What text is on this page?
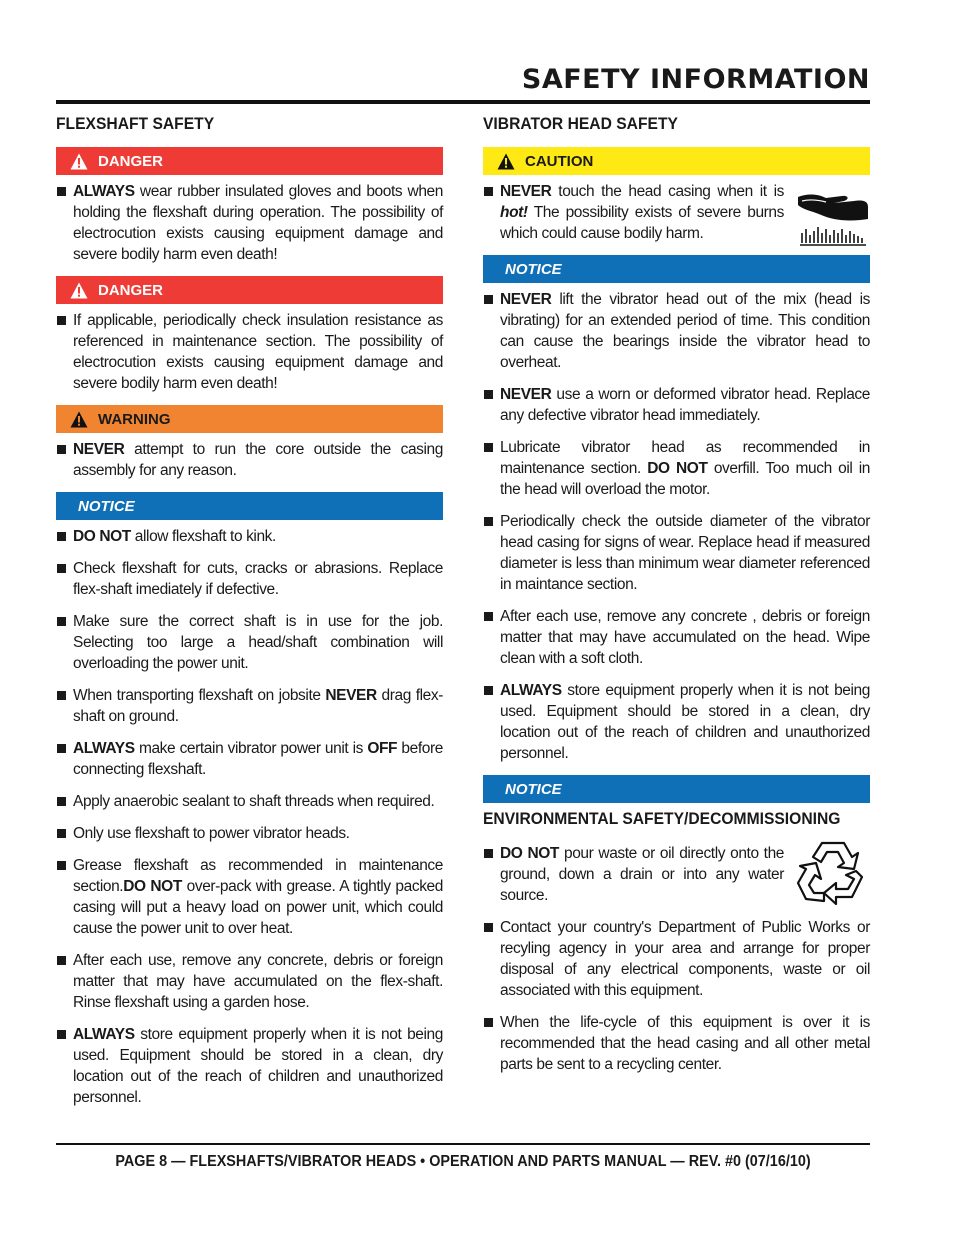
SAFETY INFORMATION
FLEXSHAFT SAFETY
DANGER
ALWAYS wear rubber insulated gloves and boots when holding the flexshaft during operation. The possibility of electrocution exists causing equipment damage and severe bodily harm even death!
DANGER
If applicable, periodically check insulation resistance as referenced in maintenance section. The possibility of electrocution exists causing equipment damage and severe bodily harm even death!
WARNING
NEVER attempt to run the core outside the casing assembly for any reason.
NOTICE
DO NOT allow flexshaft to kink.
Check flexshaft for cuts, cracks or abrasions. Replace flex-shaft imediately if defective.
Make sure the correct shaft is in use for the job. Selecting too large a head/shaft combination will overloading the power unit.
When transporting flexshaft on jobsite NEVER drag flex-shaft on ground.
ALWAYS make certain vibrator power unit is OFF before connecting flexshaft.
Apply anaerobic sealant to shaft threads when required.
Only use flexshaft to power vibrator heads.
Grease flexshaft as recommended in maintenance section.DO NOT over-pack with grease. A tightly packed casing will put a heavy load on power unit, which could cause the power unit to over heat.
After each use, remove any concrete, debris or foreign matter that may have accumulated on the flex-shaft. Rinse flexshaft using a garden hose.
ALWAYS store equipment properly when it is not being used. Equipment should be stored in a clean, dry location out of the reach of children and unauthorized personnel.
VIBRATOR HEAD SAFETY
CAUTION
NEVER touch the head casing when it is hot! The possibility exists of severe burns which could cause bodily harm.
NOTICE
NEVER lift the vibrator head out of the mix (head is vibrating) for an extended period of time. This condition can cause the bearings inside the vibrator head to overheat.
NEVER use a worn or deformed vibrator head. Replace any defective vibrator head immediately.
Lubricate vibrator head as recommended in maintenance section. DO NOT overfill. Too much oil in the head will overload the motor.
Periodically check the outside diameter of the vibrator head casing for signs of wear. Replace head if measured diameter is less than minimum wear diameter referenced in maintance section.
After each use, remove any concrete , debris or foreign matter that may have accumulated on the head. Wipe clean with a soft cloth.
ALWAYS store equipment properly when it is not being used. Equipment should be stored in a clean, dry location out of the reach of children and unauthorized personnel.
NOTICE
ENVIRONMENTAL SAFETY/DECOMMISSIONING
DO NOT pour waste or oil directly onto the ground, down a drain or into any water source.
Contact your country's Department of Public Works or recyling agency in your area and arrange for proper disposal of any electrical components, waste or oil associated with this equipment.
When the life-cycle of this equipment is over it is recommended that the head casing and all other metal parts be sent to a recycling center.
PAGE 8 — FLEXSHAFTS/VIBRATOR HEADS • OPERATION AND PARTS MANUAL — REV. #0 (07/16/10)
